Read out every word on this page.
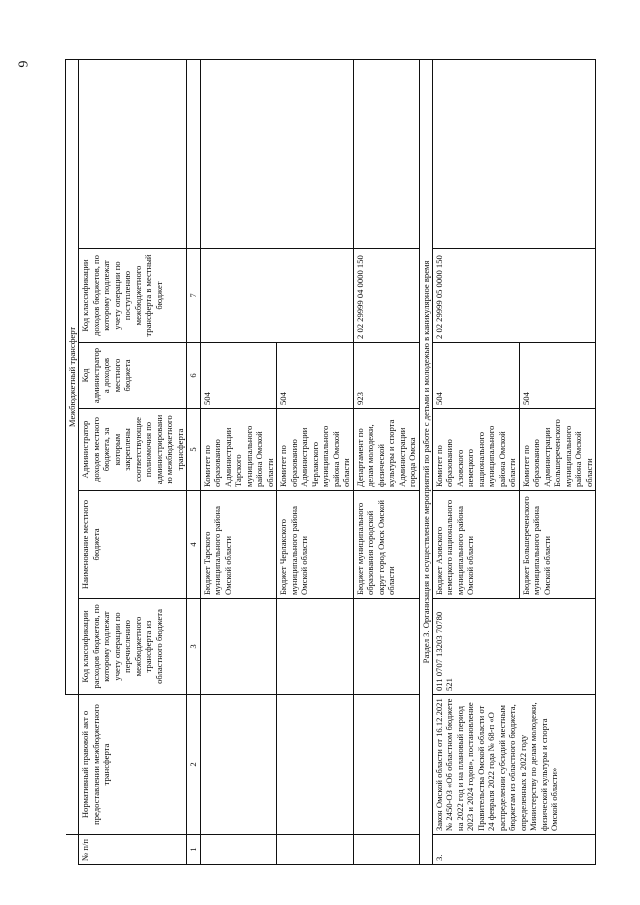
6
		Межбюджетный трансферт					
№ п/п	Нормативный правовой акт о предоставлении межбюджетного трансферта	Код классификации расходов бюджетов, по которому подлежат учету операции по перечислению межбюджетного трансферта из областного бюджета	Наименование местного бюджета	Администратор доходов местного бюджета, за которым закреплены соответствующие полномочия по администрированию межбюджетного трансферта	Код администратора доходов местного бюджета	Код классификации доходов бюджетов, по которому подлежат учету операции по поступлению межбюджетного трансферта в местный бюджет	
1	2	3	4	5	6	7	
			Бюджет Тарского муниципального района Омской области	Комитет по образованию Администрации Тарского муниципального района Омской области	504		
			Бюджет Черлакского муниципального района Омской области	Комитет по образованию Администрации Черлакского муниципального района Омской области	504		
			Бюджет муниципального образования городской округ город Омск Омской области	Департамент по делам молодежи, физической культуры и спорта Администрации города Омска	923	2 02 29999 04 0000 150	
Раздел 3. Организация и осуществление мероприятий по работе с детьми и молодежью в каникулярное время							
3.	Закон Омской области от 16.12.2021 № 2450-ОЗ «Об областном бюджете на 2022 год и на плановый период 2023 и 2024 годов», постановление Правительства Омской области от 24 февраля 2022 года № 68-п «О распределении субсидий местным бюджетам из областного бюджета, определенных в 2022 году Министерству по делам молодежи, физической культуры и спорта Омской области»	011 0707 13203 70780 521	Бюджет Азовского немецкого национального муниципального района Омской области	Комитет по образованию Азовского немецкого национального муниципального района Омской области	504	2 02 29999 05 0000 150	
			Бюджет Большереченского муниципального района Омской области	Комитет по образованию Администрации Большереченского муниципального района Омской области	504		
